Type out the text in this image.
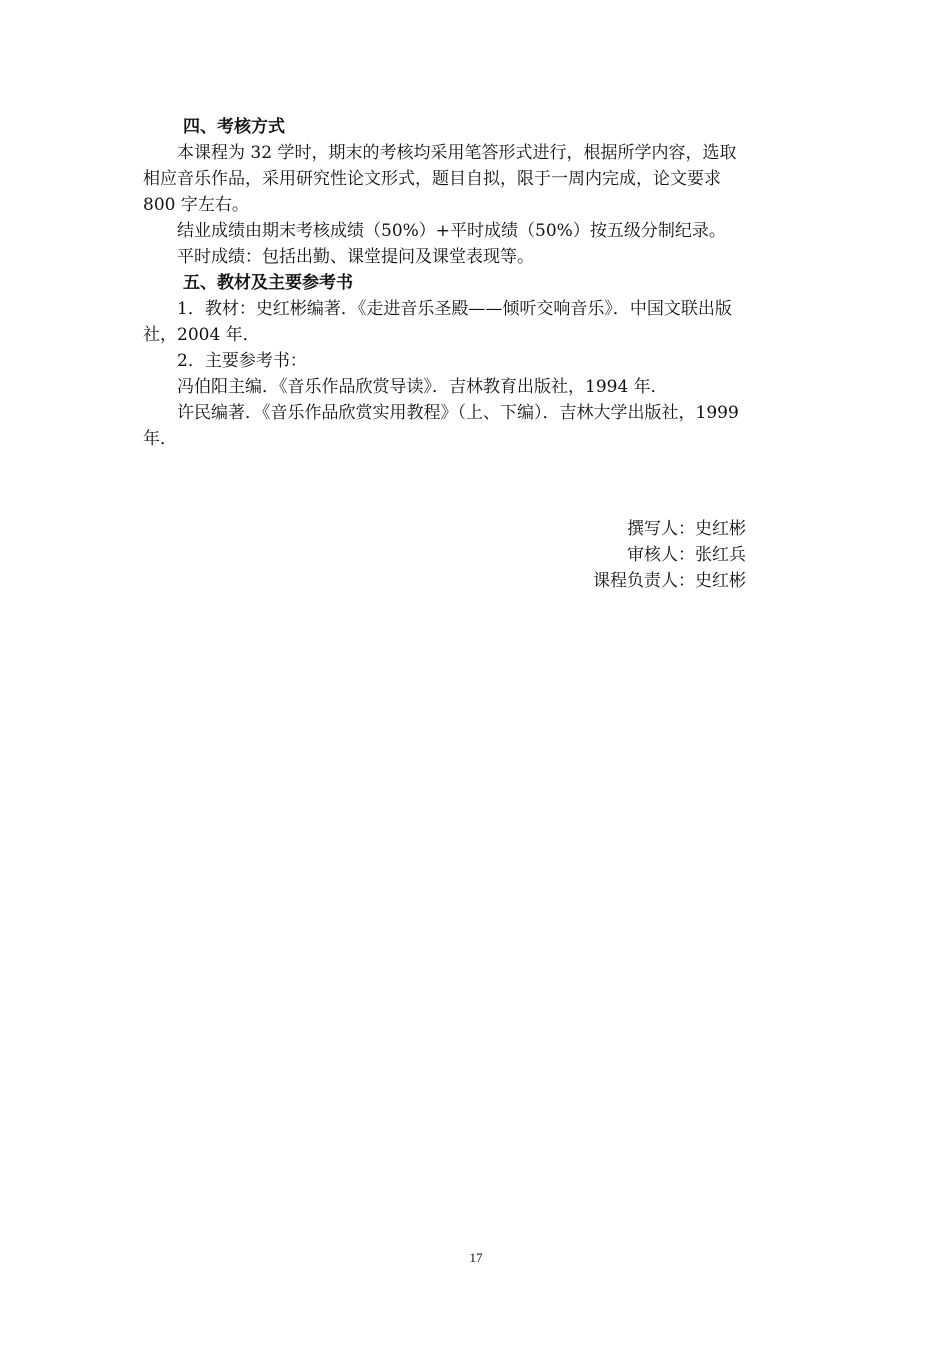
四、考核方式
本课程为 32 学时，期末的考核均采用笔答形式进行，根据所学内容，选取
相应音乐作品，采用研究性论文形式，题目自拟，限于一周内完成，论文要求
800 字左右。
结业成绩由期末考核成绩（50%）+平时成绩（50%）按五级分制纪录。
平时成绩：包括出勤、课堂提问及课堂表现等。
五、教材及主要参考书
1．教材：史红彬编著．《走进音乐圣殿——倾听交响音乐》．中国文联出版
社，2004 年．
2．主要参考书：
冯伯阳主编．《音乐作品欣赏导读》．吉林教育出版社，1994 年．
许民编著．《音乐作品欣赏实用教程》（上、下编）．吉林大学出版社，1999
年．
撰写人：史红彬
审核人：张红兵
课程负责人：史红彬
17
